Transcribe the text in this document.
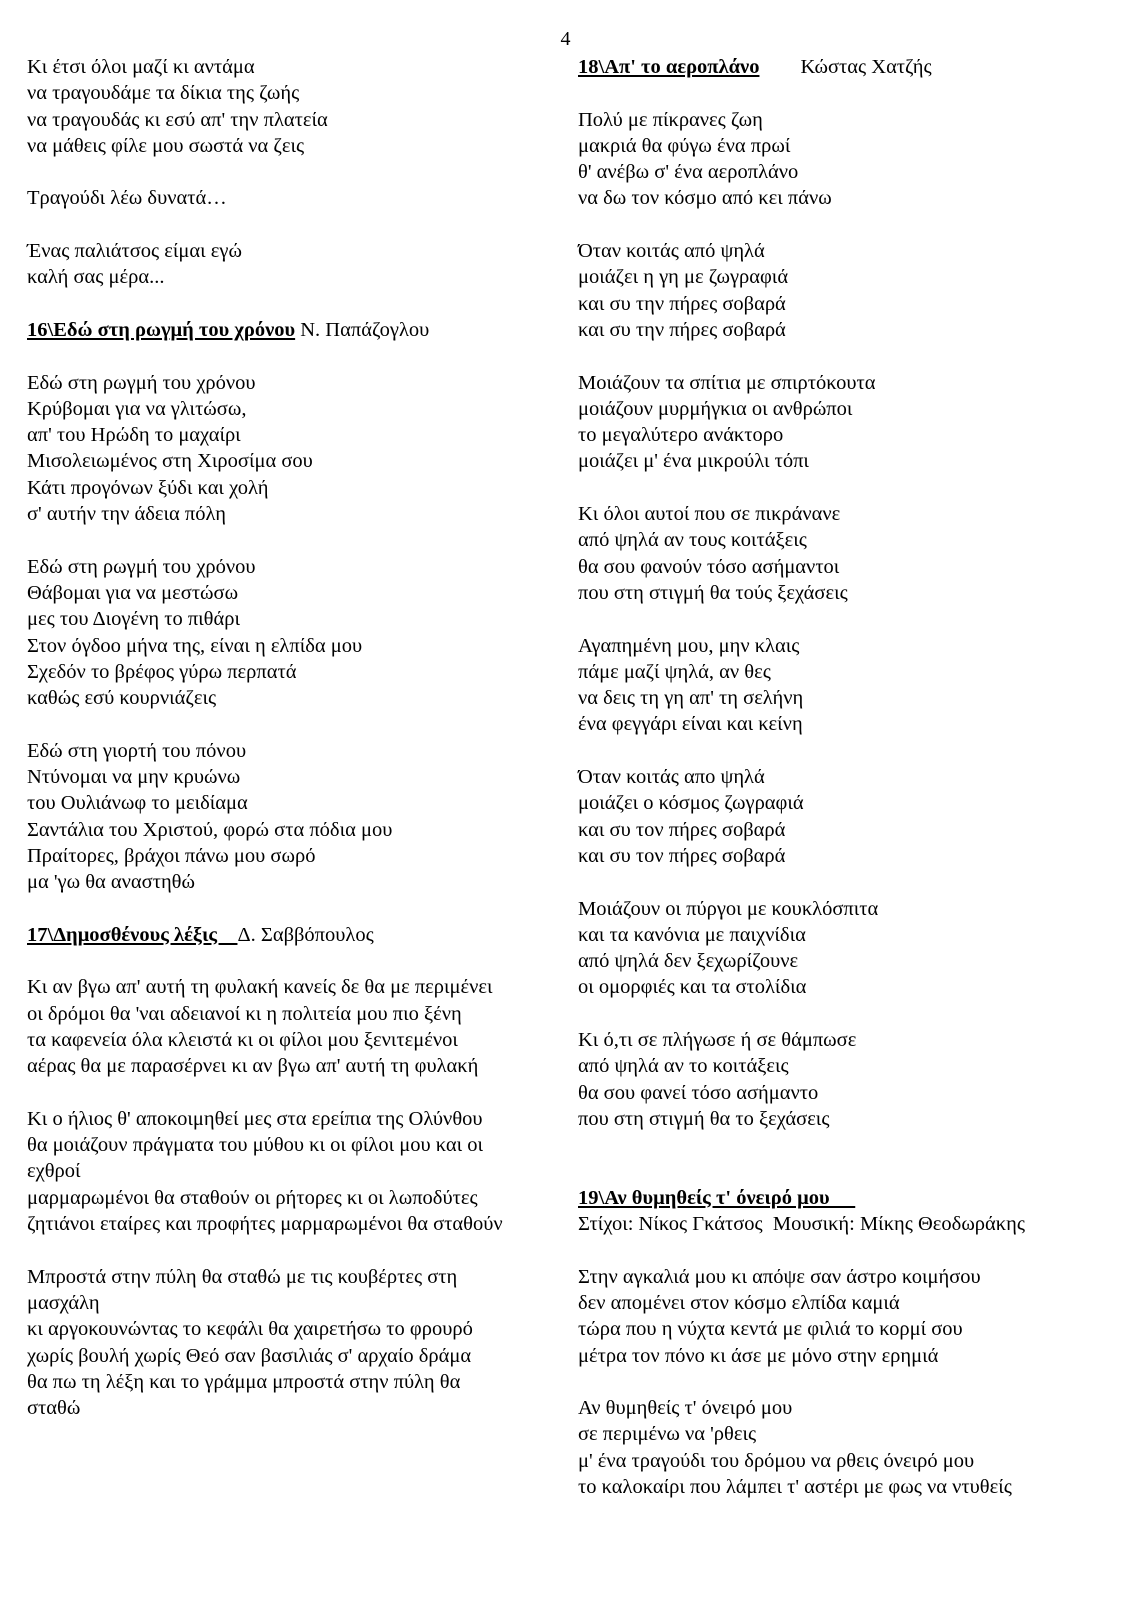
4
Κι έτσι όλοι μαζί κι αντάμα
να τραγουδάμε τα δίκια της ζωής
να τραγουδάς κι εσύ απ' την πλατεία
να μάθεις φίλε μου σωστά να ζεις
Τραγούδι λέω δυνατά…
Ένας παλιάτσος είμαι εγώ
καλή σας μέρα...
16\Εδώ στη ρωγμή του χρόνου Ν. Παπάζογλου
Εδώ στη ρωγμή του χρόνου
Κρύβομαι για να γλιτώσω,
απ' του Ηρώδη το μαχαίρι
Μισολειωμένος στη Χιροσίμα σου
Κάτι προγόνων ξύδι και χολή
σ' αυτήν την άδεια πόλη
Εδώ στη ρωγμή του χρόνου
Θάβομαι για να μεστώσω
μες του Διογένη το πιθάρι
Στον όγδοο μήνα της, είναι η ελπίδα μου
Σχεδόν το βρέφος γύρω περπατά
καθώς εσύ κουρνιάζεις
Εδώ στη γιορτή του πόνου
Ντύνομαι να μην κρυώνω
του Ουλιάνωφ το μειδίαμα
Σαντάλια του Χριστού, φορώ στα πόδια μου
Πραίτορες, βράχοι πάνω μου σωρό
μα 'γω θα αναστηθώ
17\Δημοσθένους λέξις    Δ. Σαββόπουλος
Κι αν βγω απ' αυτή τη φυλακή κανείς δε θα με περιμένει
οι δρόμοι θα 'ναι αδειανοί κι η πολιτεία μου πιο ξένη
τα καφενεία όλα κλειστά κι οι φίλοι μου ξενιτεμένοι
αέρας θα με παρασέρνει κι αν βγω απ' αυτή τη φυλακή
Κι ο ήλιος θ' αποκοιμηθεί μες στα ερείπια της Ολύνθου
θα μοιάζουν πράγματα του μύθου κι οι φίλοι μου και οι
εχθροί
μαρμαρωμένοι θα σταθούν οι ρήτορες κι οι λωποδύτες
ζητιάνοι εταίρες και προφήτες μαρμαρωμένοι θα σταθούν
Μπροστά στην πύλη θα σταθώ με τις κουβέρτες στη
μασχάλη
κι αργοκουνώντας το κεφάλι θα χαιρετήσω το φρουρό
χωρίς βουλή χωρίς Θεό σαν βασιλιάς σ' αρχαίο δράμα
θα πω τη λέξη και το γράμμα μπροστά στην πύλη θα
σταθώ
18\Απ' το αεροπλάνο        Κώστας Χατζής
Πολύ με πίκρανες ζωη
μακριά θα φύγω ένα πρωί
θ' ανέβω σ' ένα αεροπλάνο
να δω τον κόσμο από κει πάνω
Όταν κοιτάς από ψηλά
μοιάζει η γη με ζωγραφιά
και συ την πήρες σοβαρά
και συ την πήρες σοβαρά
Μοιάζουν τα σπίτια με σπιρτόκουτα
μοιάζουν μυρμήγκια οι ανθρώποι
το μεγαλύτερο ανάκτορο
μοιάζει μ' ένα μικρούλι τόπι
Κι όλοι αυτοί που σε πικράνανε
από ψηλά αν τους κοιτάξεις
θα σου φανούν τόσο ασήμαντοι
που στη στιγμή θα τούς ξεχάσεις
Αγαπημένη μου, μην κλαις
πάμε μαζί ψηλά, αν θες
να δεις τη γη απ' τη σελήνη
ένα φεγγάρι είναι και κείνη
Όταν κοιτάς απο ψηλά
μοιάζει ο κόσμος ζωγραφιά
και συ τον πήρες σοβαρά
και συ τον πήρες σοβαρά
Μοιάζουν οι πύργοι με κουκλόσπιτα
και τα κανόνια με παιχνίδια
από ψηλά δεν ξεχωρίζουνε
οι ομορφιές και τα στολίδια
Κι ό,τι σε πλήγωσε ή σε θάμπωσε
από ψηλά αν το κοιτάξεις
θα σου φανεί τόσο ασήμαντο
που στη στιγμή θα το ξεχάσεις
19\Αν θυμηθείς τ' όνειρό μου
Στίχοι: Νίκος Γκάτσος  Μουσική: Μίκης Θεοδωράκης
Στην αγκαλιά μου κι απόψε σαν άστρο κοιμήσου
δεν απομένει στον κόσμο ελπίδα καμιά
τώρα που η νύχτα κεντά με φιλιά το κορμί σου
μέτρα τον πόνο κι άσε με μόνο στην ερημιά
Αν θυμηθείς τ' όνειρό μου
σε περιμένω να 'ρθεις
μ' ένα τραγούδι του δρόμου να ρθεις όνειρό μου
το καλοκαίρι που λάμπει τ' αστέρι με φως να ντυθείς
